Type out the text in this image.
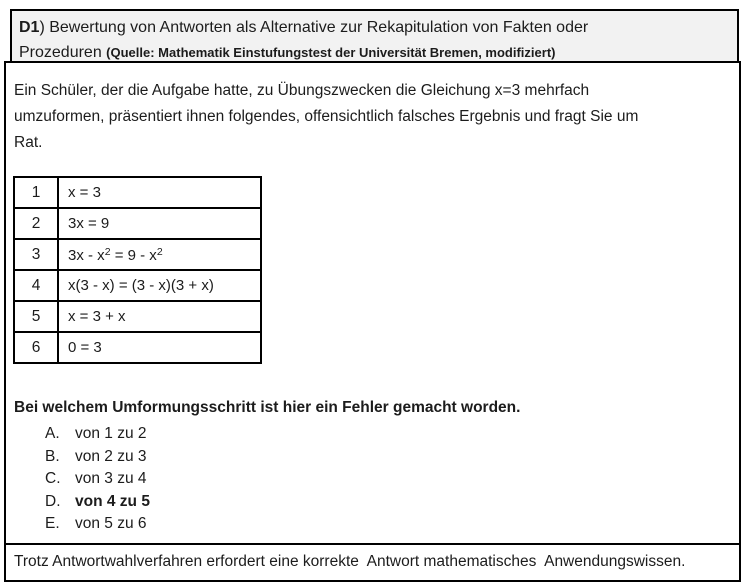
D1) Bewertung von Antworten als Alternative zur Rekapitulation von Fakten oder
Prozeduren (Quelle: Mathematik Einstufungstest der Universität Bremen, modifiziert)
Ein Schüler, der die Aufgabe hatte, zu Übungszwecken die Gleichung x=3 mehrfach
umzuformen, präsentiert ihnen folgendes, offensichtlich falsches Ergebnis und fragt Sie um
Rat.
1	x = 3
2	3x = 9
3	$3x - x^2 = 9 - x^2$
4	x(3 - x) = (3 - x)(3 + x)
5	x = 3 + x
6	0 = 3
Bei welchem Umformungsschritt ist hier ein Fehler gemacht worden.
A. von 1 zu 2
B. von 2 zu 3
C. von 3 zu 4
D. von 4 zu 5
E. von 5 zu 6
Trotz Antwortwahlverfahren erfordert eine korrekte  Antwort mathematisches  Anwendungswissen.
